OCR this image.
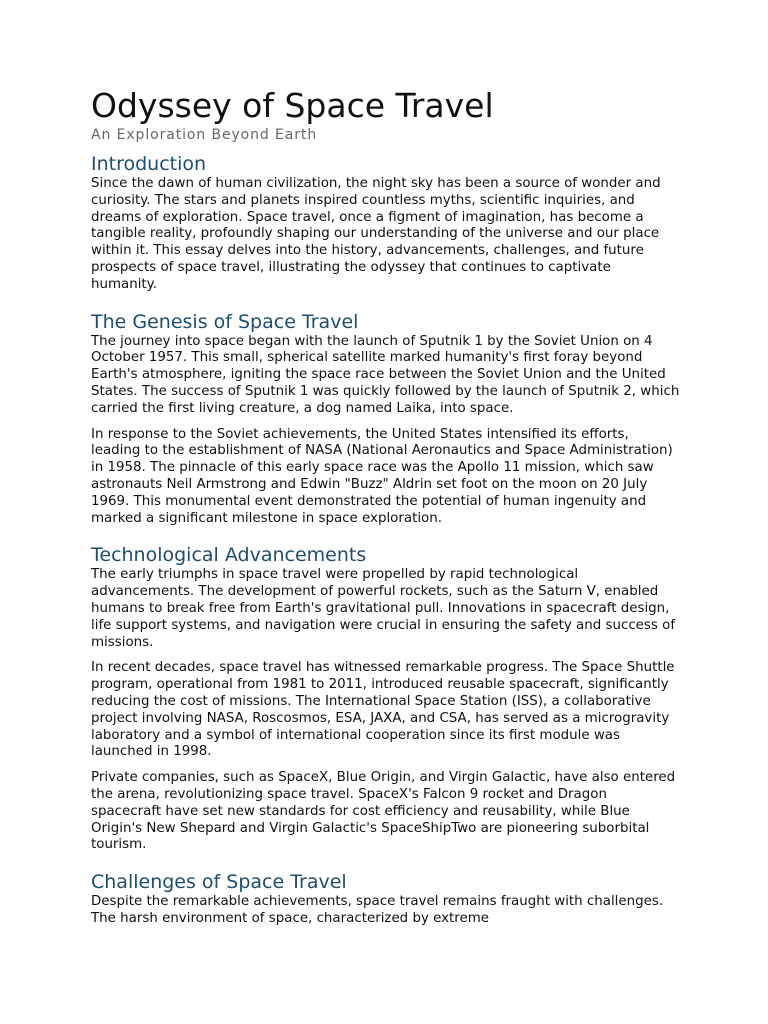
Odyssey of Space Travel
An Exploration Beyond Earth
Introduction

Since the dawn of human civilization, the night sky has been a source of wonder and curiosity. The stars and planets inspired countless myths, scientific inquiries, and dreams of exploration. Space travel, once a figment of imagination, has become a tangible reality, profoundly shaping our understanding of the universe and our place within it. This essay delves into the history, advancements, challenges, and future prospects of space travel, illustrating the odyssey that continues to captivate humanity.

The Genesis of Space Travel

The journey into space began with the launch of Sputnik 1 by the Soviet Union on 4 October 1957. This small, spherical satellite marked humanity's first foray beyond Earth's atmosphere, igniting the space race between the Soviet Union and the United States. The success of Sputnik 1 was quickly followed by the launch of Sputnik 2, which carried the first living creature, a dog named Laika, into space.

In response to the Soviet achievements, the United States intensified its efforts, leading to the establishment of NASA (National Aeronautics and Space Administration) in 1958. The pinnacle of this early space race was the Apollo 11 mission, which saw astronauts Neil Armstrong and Edwin "Buzz" Aldrin set foot on the moon on 20 July 1969. This monumental event demonstrated the potential of human ingenuity and marked a significant milestone in space exploration.

Technological Advancements

The early triumphs in space travel were propelled by rapid technological advancements. The development of powerful rockets, such as the Saturn V, enabled humans to break free from Earth's gravitational pull. Innovations in spacecraft design, life support systems, and navigation were crucial in ensuring the safety and success of missions.

In recent decades, space travel has witnessed remarkable progress. The Space Shuttle program, operational from 1981 to 2011, introduced reusable spacecraft, significantly reducing the cost of missions. The International Space Station (ISS), a collaborative project involving NASA, Roscosmos, ESA, JAXA, and CSA, has served as a microgravity laboratory and a symbol of international cooperation since its first module was launched in 1998.

Private companies, such as SpaceX, Blue Origin, and Virgin Galactic, have also entered the arena, revolutionizing space travel. SpaceX's Falcon 9 rocket and Dragon spacecraft have set new standards for cost efficiency and reusability, while Blue Origin's New Shepard and Virgin Galactic's SpaceShipTwo are pioneering suborbital tourism.

Challenges of Space Travel

Despite the remarkable achievements, space travel remains fraught with challenges. The harsh environment of space, characterized by extreme
